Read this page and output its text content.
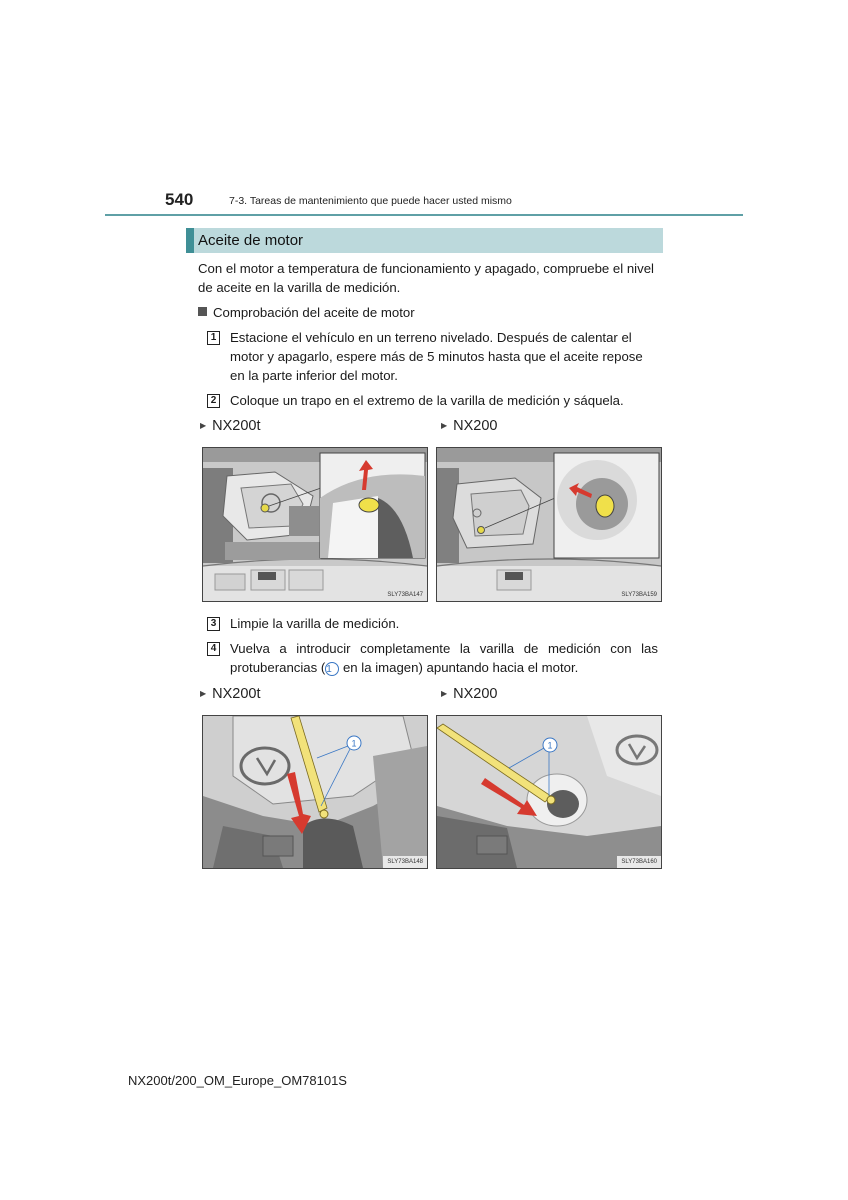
540	7-3. Tareas de mantenimiento que puede hacer usted mismo
Aceite de motor
Con el motor a temperatura de funcionamiento y apagado, compruebe el nivel de aceite en la varilla de medición.
Comprobación del aceite de motor
1 Estacione el vehículo en un terreno nivelado. Después de calentar el motor y apagarlo, espere más de 5 minutos hasta que el aceite repose en la parte inferior del motor.
2 Coloque un trapo en el extremo de la varilla de medición y sáquela.
▶ NX200t	▶ NX200
SLY73BA147	SLY73BA159
3 Limpie la varilla de medición.
4 Vuelva a introducir completamente la varilla de medición con las protuberancias (1 en la imagen) apuntando hacia el motor.
▶ NX200t	▶ NX200
1
SLY73BA148
1
SLY73BA160
NX200t/200_OM_Europe_OM78101S
